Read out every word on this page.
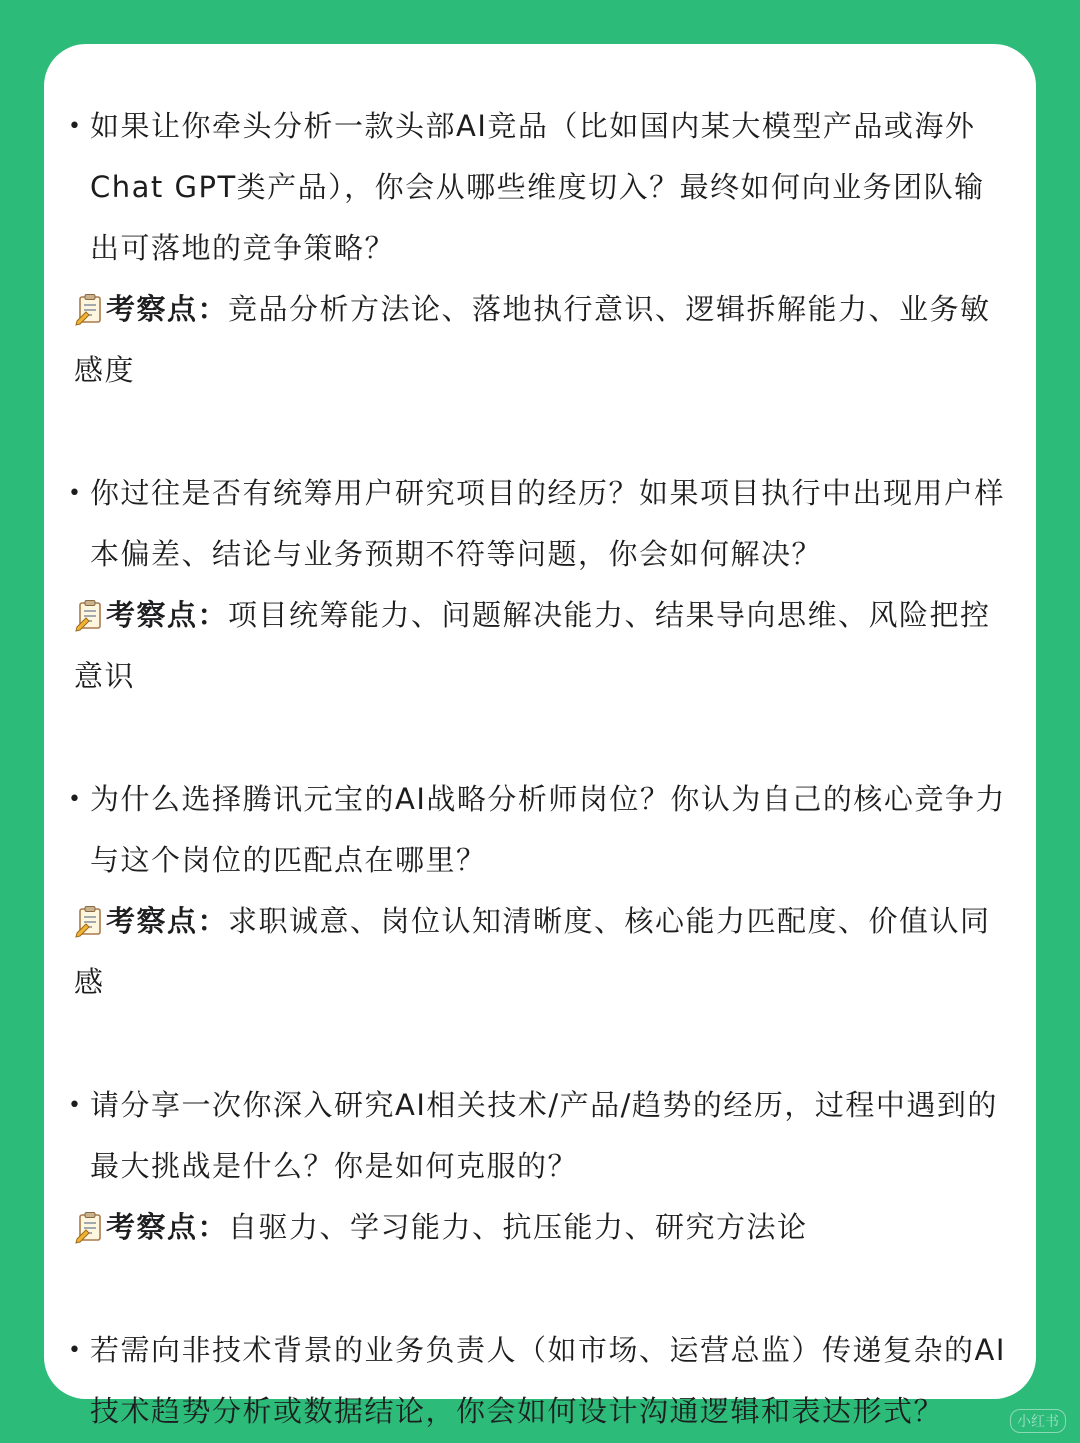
• 如果让你牵头分析一款头部AI竞品（比如国内某大模型产品或海外Chat GPT类产品），你会从哪些维度切入？最终如何向业务团队输出可落地的竞争策略？

考察点：竞品分析方法论、落地执行意识、逻辑拆解能力、业务敏感度

• 你过往是否有统筹用户研究项目的经历？如果项目执行中出现用户样本偏差、结论与业务预期不符等问题，你会如何解决？

考察点：项目统筹能力、问题解决能力、结果导向思维、风险把控意识

• 为什么选择腾讯元宝的AI战略分析师岗位？你认为自己的核心竞争力与这个岗位的匹配点在哪里？

考察点：求职诚意、岗位认知清晰度、核心能力匹配度、价值认同感

• 请分享一次你深入研究AI相关技术/产品/趋势的经历，过程中遇到的最大挑战是什么？你是如何克服的？

考察点：自驱力、学习能力、抗压能力、研究方法论

• 若需向非技术背景的业务负责人（如市场、运营总监）传递复杂的AI技术趋势分析或数据结论，你会如何设计沟通逻辑和表达形式？	小红书
